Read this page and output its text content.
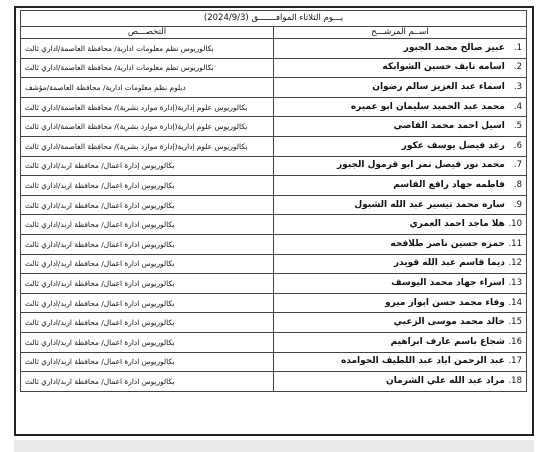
يـــوم الثلاثاء الموافـــــــق (2024/9/3)	
اســم المرشـــح	التخصـــص
1. عبير صالح محمد الجبور	بكالوريوس نظم معلومات ادارية/ محافظة العاصمة/اداري ثالث
2. اسامه نايف حسين الشوابكه	بكالوريوس نظم معلومات ادارية/ محافظة العاصمة/اداري ثالث
3. اسماء عبد العزيز سالم رضوان	دبلوم نظم معلومات ادارية/ محافظة العاصمة/مؤشف
4. محمد عبد الحميد سليمان ابو عميره	بكالوريوس علوم إدارية(إدارة موارد بشرية)/ محافظة العاصمة/اداري ثالث
5. اسيل احمد محمد القاضي	بكالوريوس علوم إدارية(إدارة موارد بشرية)/ محافظة العاصمة/اداري ثالث
6. رغد فيصل يوسف عكور	بكالوريوس علوم إدارية(إدارة موارد بشرية)/ محافظة العاصمة/اداري ثالث
7. محمد نور فيصل نمر ابو قرمول الجبور	بكالوريوس إدارة اعمال/ محافظة اربد/اداري ثالث
8. فاطمه جهاد رافع القاسم	بكالوريوس ادارة اعمال/ محافظة اربد/اداري ثالث
9. ساره محمد تيسير عبد الله الشبول	بكالوريوس ادارة اعمال/ محافظة اربد/اداري ثالث
10. هلا ماجد احمد العمري	بكالوريوس ادارة اعمال/ محافظة اربد/اداري ثالث
11. حمزه حسين ناصر طلافحه	بكالوريوس ادارة اعمال/ محافظة اربد/اداري ثالث
12. ديما قاسم عبد الله قويدر	بكالوريوس ادارة اعمال/ محافظة اربد/اداري ثالث
13. اسراء جهاد محمد اليوسف	بكالوريوس ادارة اعمال/ محافظة اربد/اداري ثالث
14. وفاء محمد حسن ابواز ميرو	بكالوريوس ادارة اعمال/ محافظة اربد/اداري ثالث
15. خالد محمد موسى الزعبي	بكالوريوس ادارة اعمال/ محافظة اربد/اداري ثالث
16. شجاع باسم عارف ابراهيم	بكالوريوس ادارة اعمال/ محافظة اربد/اداري ثالث
17. عبد الرحمن اياد عبد اللطيف الحوامده	بكالوريوس ادارة اعمال/ محافظة اربد/اداري ثالث
18. مراد عبد الله علي الشرمان	بكالوريوس ادارة اعمال/ محافظة اربد/اداري ثالث
